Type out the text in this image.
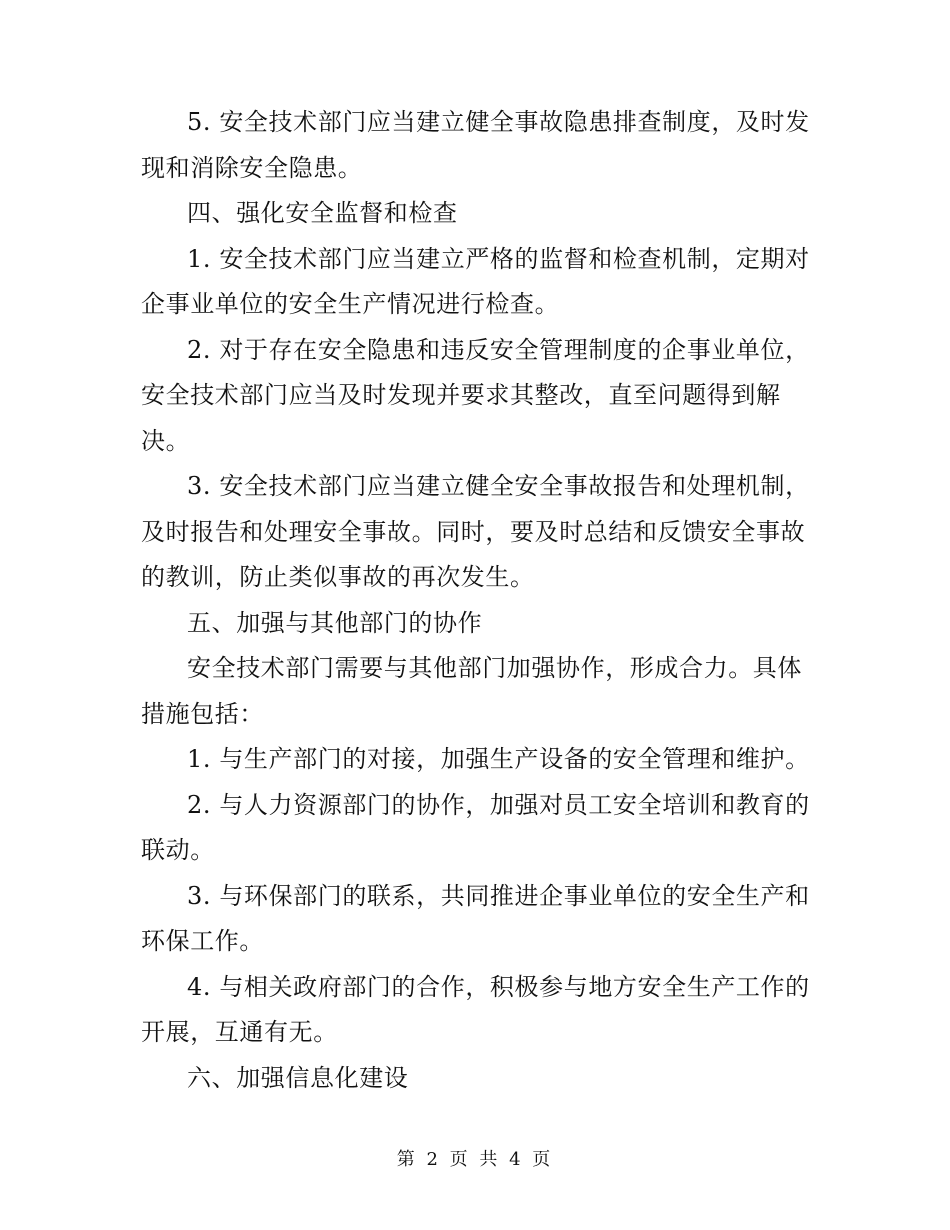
5. 安全技术部门应当建立健全事故隐患排查制度，及时发现和消除安全隐患。

四、强化安全监督和检查

1. 安全技术部门应当建立严格的监督和检查机制，定期对企事业单位的安全生产情况进行检查。

2. 对于存在安全隐患和违反安全管理制度的企事业单位，安全技术部门应当及时发现并要求其整改，直至问题得到解决。

3. 安全技术部门应当建立健全安全事故报告和处理机制，及时报告和处理安全事故。同时，要及时总结和反馈安全事故的教训，防止类似事故的再次发生。

五、加强与其他部门的协作

安全技术部门需要与其他部门加强协作，形成合力。具体措施包括：

1. 与生产部门的对接，加强生产设备的安全管理和维护。

2. 与人力资源部门的协作，加强对员工安全培训和教育的联动。

3. 与环保部门的联系，共同推进企事业单位的安全生产和环保工作。

4. 与相关政府部门的合作，积极参与地方安全生产工作的开展，互通有无。

六、加强信息化建设

第 2 页 共 4 页
